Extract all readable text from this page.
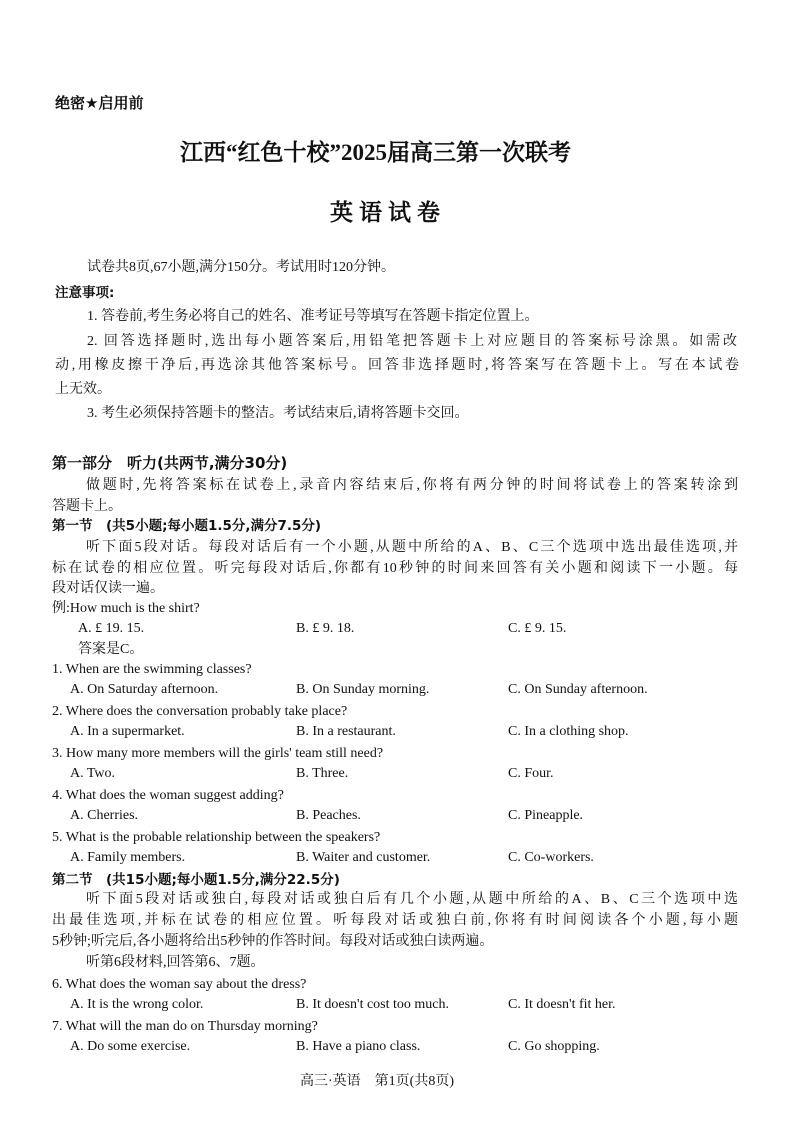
绝密★启用前
江西“红色十校”2025届高三第一次联考
英语试卷
试卷共8页,67小题,满分150分。考试用时120分钟。
注意事项:
1. 答卷前,考生务必将自己的姓名、准考证号等填写在答题卡指定位置上。
2. 回答选择题时,选出每小题答案后,用铅笔把答题卡上对应题目的答案标号涂黑。如需改
动,用橡皮擦干净后,再选涂其他答案标号。回答非选择题时,将答案写在答题卡上。写在本试卷
上无效。
3. 考生必须保持答题卡的整洁。考试结束后,请将答题卡交回。
第一部分　听力(共两节,满分30分)
做题时,先将答案标在试卷上,录音内容结束后,你将有两分钟的时间将试卷上的答案转涂到
答题卡上。
第一节　(共5小题;每小题1.5分,满分7.5分)
听下面5段对话。每段对话后有一个小题,从题中所给的A、B、C三个选项中选出最佳选项,并
标在试卷的相应位置。听完每段对话后,你都有10秒钟的时间来回答有关小题和阅读下一小题。每
段对话仅读一遍。
例:How much is the shirt?
A. £ 19. 15.	B. £ 9. 18.	C. £ 9. 15.
答案是C。
1. When are the swimming classes?
A. On Saturday afternoon.	B. On Sunday morning.	C. On Sunday afternoon.
2. Where does the conversation probably take place?
A. In a supermarket.	B. In a restaurant.	C. In a clothing shop.
3. How many more members will the girls' team still need?
A. Two.	B. Three.	C. Four.
4. What does the woman suggest adding?
A. Cherries.	B. Peaches.	C. Pineapple.
5. What is the probable relationship between the speakers?
A. Family members.	B. Waiter and customer.	C. Co-workers.
第二节　(共15小题;每小题1.5分,满分22.5分)
听下面5段对话或独白,每段对话或独白后有几个小题,从题中所给的A、B、C三个选项中选
出最佳选项,并标在试卷的相应位置。听每段对话或独白前,你将有时间阅读各个小题,每小题
5秒钟;听完后,各小题将给出5秒钟的作答时间。每段对话或独白读两遍。
听第6段材料,回答第6、7题。
6. What does the woman say about the dress?
A. It is the wrong color.	B. It doesn't cost too much.	C. It doesn't fit her.
7. What will the man do on Thursday morning?
A. Do some exercise.	B. Have a piano class.	C. Go shopping.
高三·英语　第1页(共8页)
